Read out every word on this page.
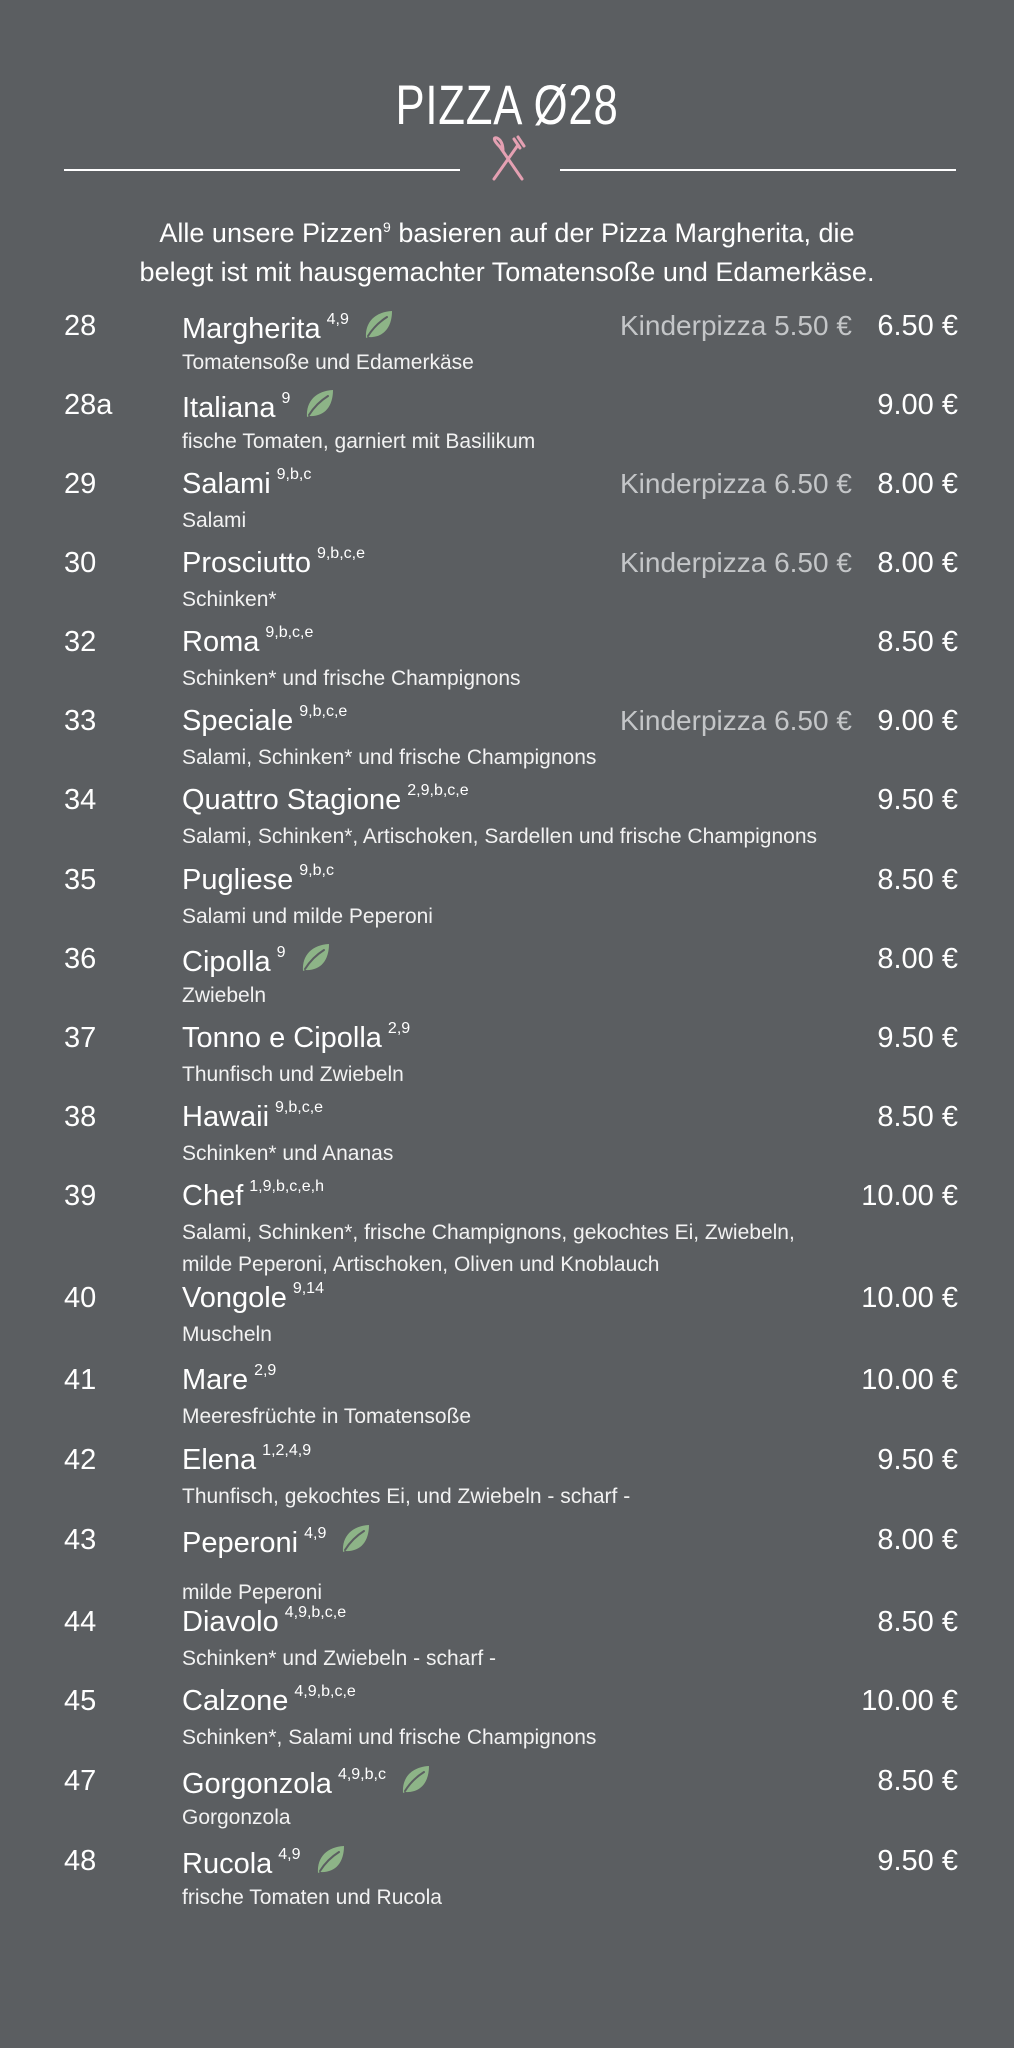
PIZZA Ø28
Alle unsere Pizzen$^9$ basieren auf der Pizza Margherita, die
belegt ist mit hausgemachter Tomatensoße und Edamerkäse.
28	Margherita $^{4,9}$	Kinderpizza 5.50 € 6.50 €
Tomatensoße und Edamerkäse
28a Italiana $^9$	9.00 €
fische Tomaten, garniert mit Basilikum
29	Salami $^{9,b,c}$	Kinderpizza 6.50 € 8.00 €
Salami
30	Prosciutto $^{9,b,c,e}$	Kinderpizza 6.50 € 8.00 €
Schinken*
32	Roma $^{9,b,c,e}$	8.50 €
Schinken* und frische Champignons
33	Speciale $^{9,b,c,e}$	Kinderpizza 6.50 € 9.00 €
Salami, Schinken* und frische Champignons
34	Quattro Stagione $^{2,9,b,c,e}$	9.50 €
Salami, Schinken*, Artischoken, Sardellen und frische Champignons
35	Pugliese $^{9,b,c}$	8.50 €
Salami und milde Peperoni
36	Cipolla $^9$	8.00 €
Zwiebeln
37	Tonno e Cipolla $^{2,9}$	9.50 €
Thunfisch und Zwiebeln
38	Hawaii $^{9,b,c,e}$	8.50 €
Schinken* und Ananas
39	Chef $^{1,9,b,c,e,h}$	10.00 €
Salami, Schinken*, frische Champignons, gekochtes Ei, Zwiebeln, milde Peperoni, Artischoken, Oliven und Knoblauch
40	Vongole $^{9,14}$	10.00 €
Muscheln
41	Mare $^{2,9}$	10.00 €
Meeresfrüchte in Tomatensoße
42	Elena $^{1,2,4,9}$	9.50 €
Thunfisch, gekochtes Ei, und Zwiebeln - scharf -
43	Peperoni $^{4,9}$	8.00 €
milde Peperoni
44	Diavolo $^{4,9,b,c,e}$	8.50 €
Schinken* und Zwiebeln - scharf -
45	Calzone $^{4,9,b,c,e}$	10.00 €
Schinken*, Salami und frische Champignons
47	Gorgonzola $^{4,9,b,c}$	8.50 €
Gorgonzola
48	Rucola $^{4,9}$	9.50 €
frische Tomaten und Rucola
